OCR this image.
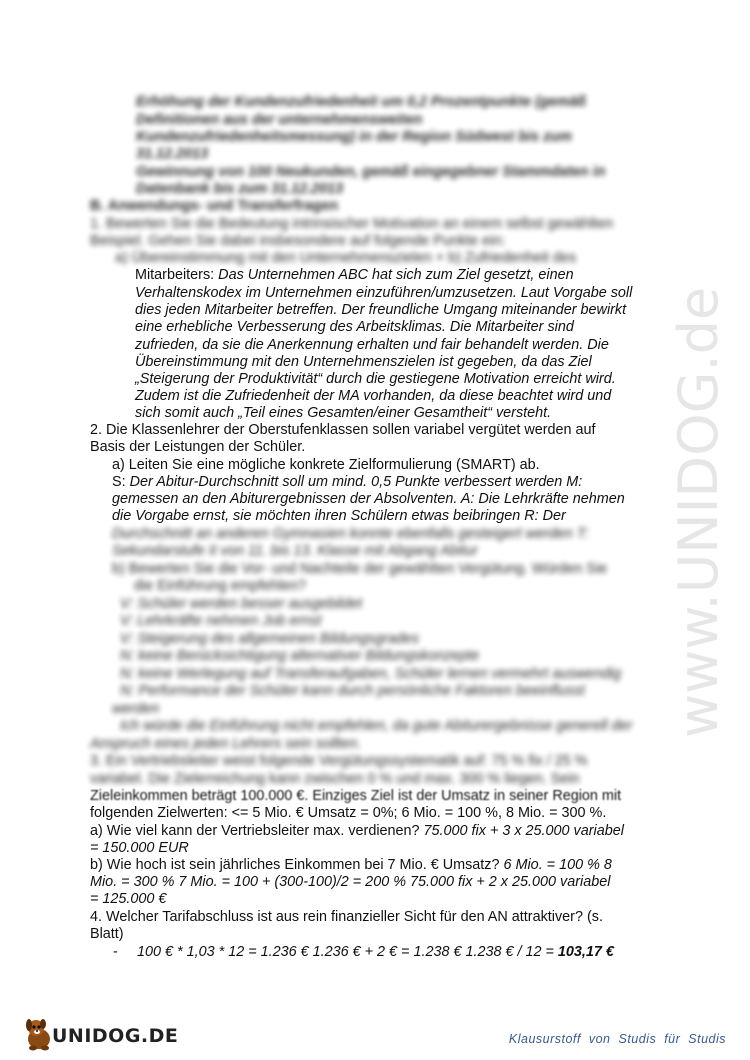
www.UNIDOG.de
Erhöhung der Kundenzufriedenheit um 0,2 Prozentpunkte (gemäß
Definitionen aus der unternehmensweiten
Kundenzufriedenheitsmessung) in der Region Südwest bis zum
31.12.2013
Gewinnung von 100 Neukunden, gemäß eingegebner Stammdaten in
Datenbank bis zum 31.12.2013
B. Anwendungs- und Transferfragen
1. Bewerten Sie die Bedeutung intrinsischer Motivation an einem selbst gewählten
Beispiel. Gehen Sie dabei insbesondere auf folgende Punkte ein:
a) Übereinstimmung mit den Unternehmenszielen + b) Zufriedenheit des
Mitarbeiters: Das Unternehmen ABC hat sich zum Ziel gesetzt, einen
Verhaltenskodex im Unternehmen einzuführen/umzusetzen. Laut Vorgabe soll
dies jeden Mitarbeiter betreffen. Der freundliche Umgang miteinander bewirkt
eine erhebliche Verbesserung des Arbeitsklimas. Die Mitarbeiter sind
zufrieden, da sie die Anerkennung erhalten und fair behandelt werden. Die
Übereinstimmung mit den Unternehmenszielen ist gegeben, da das Ziel
„Steigerung der Produktivität“ durch die gestiegene Motivation erreicht wird.
Zudem ist die Zufriedenheit der MA vorhanden, da diese beachtet wird und
sich somit auch „Teil eines Gesamten/einer Gesamtheit“ versteht.
2. Die Klassenlehrer der Oberstufenklassen sollen variabel vergütet werden auf
Basis der Leistungen der Schüler.
a) Leiten Sie eine mögliche konkrete Zielformulierung (SMART) ab.
S: Der Abitur-Durchschnitt soll um mind. 0,5 Punkte verbessert werden M:
gemessen an den Abiturergebnissen der Absolventen. A: Die Lehrkräfte nehmen
die Vorgabe ernst, sie möchten ihren Schülern etwas beibringen R: Der
Durchschnitt an anderen Gymnasien konnte ebenfalls gesteigert werden T:
Sekundarstufe II von 11. bis 13. Klasse mit Abgang Abitur
b) Bewerten Sie die Vor- und Nachteile der gewählten Vergütung. Würden Sie
die Einführung empfehlen?
V: Schüler werden besser ausgebildet
V: Lehrkräfte nehmen Job ernst
V: Steigerung des allgemeinen Bildungsgrades
N: keine Berücksichtigung alternativer Bildungskonzepte
N: keine Werlegung auf Transferaufgaben, Schüler lernen vermehrt auswendig
N: Performance der Schüler kann durch persönliche Faktoren beeinflusst
werden
Ich würde die Einführung nicht empfehlen, da gute Abiturergebnisse generell der
Anspruch eines jeden Lehrers sein sollten.
3. Ein Vertriebsleiter weist folgende Vergütungssystematik auf: 75 % fix / 25 %
variabel. Die Zielerreichung kann zwischen 0 % und max. 300 % liegen. Sein
Zieleinkommen beträgt 100.000 €. Einziges Ziel ist der Umsatz in seiner Region mit
folgenden Zielwerten: <= 5 Mio. € Umsatz = 0%; 6 Mio. = 100 %, 8 Mio. = 300 %.
a) Wie viel kann der Vertriebsleiter max. verdienen? 75.000 fix + 3 x 25.000 variabel
= 150.000 EUR
b) Wie hoch ist sein jährliches Einkommen bei 7 Mio. € Umsatz? 6 Mio. = 100 % 8
Mio. = 300 % 7 Mio. = 100 + (300-100)/2 = 200 % 75.000 fix + 2 x 25.000 variabel
= 125.000 €
4. Welcher Tarifabschluss ist aus rein finanzieller Sicht für den AN attraktiver? (s.
Blatt)
- 100 € * 1,03 * 12 = 1.236 € 1.236 € + 2 € = 1.238 € 1.238 € / 12 = 103,17 €
UNIDOG.DE	Klausurstoff von Studis für Studis
